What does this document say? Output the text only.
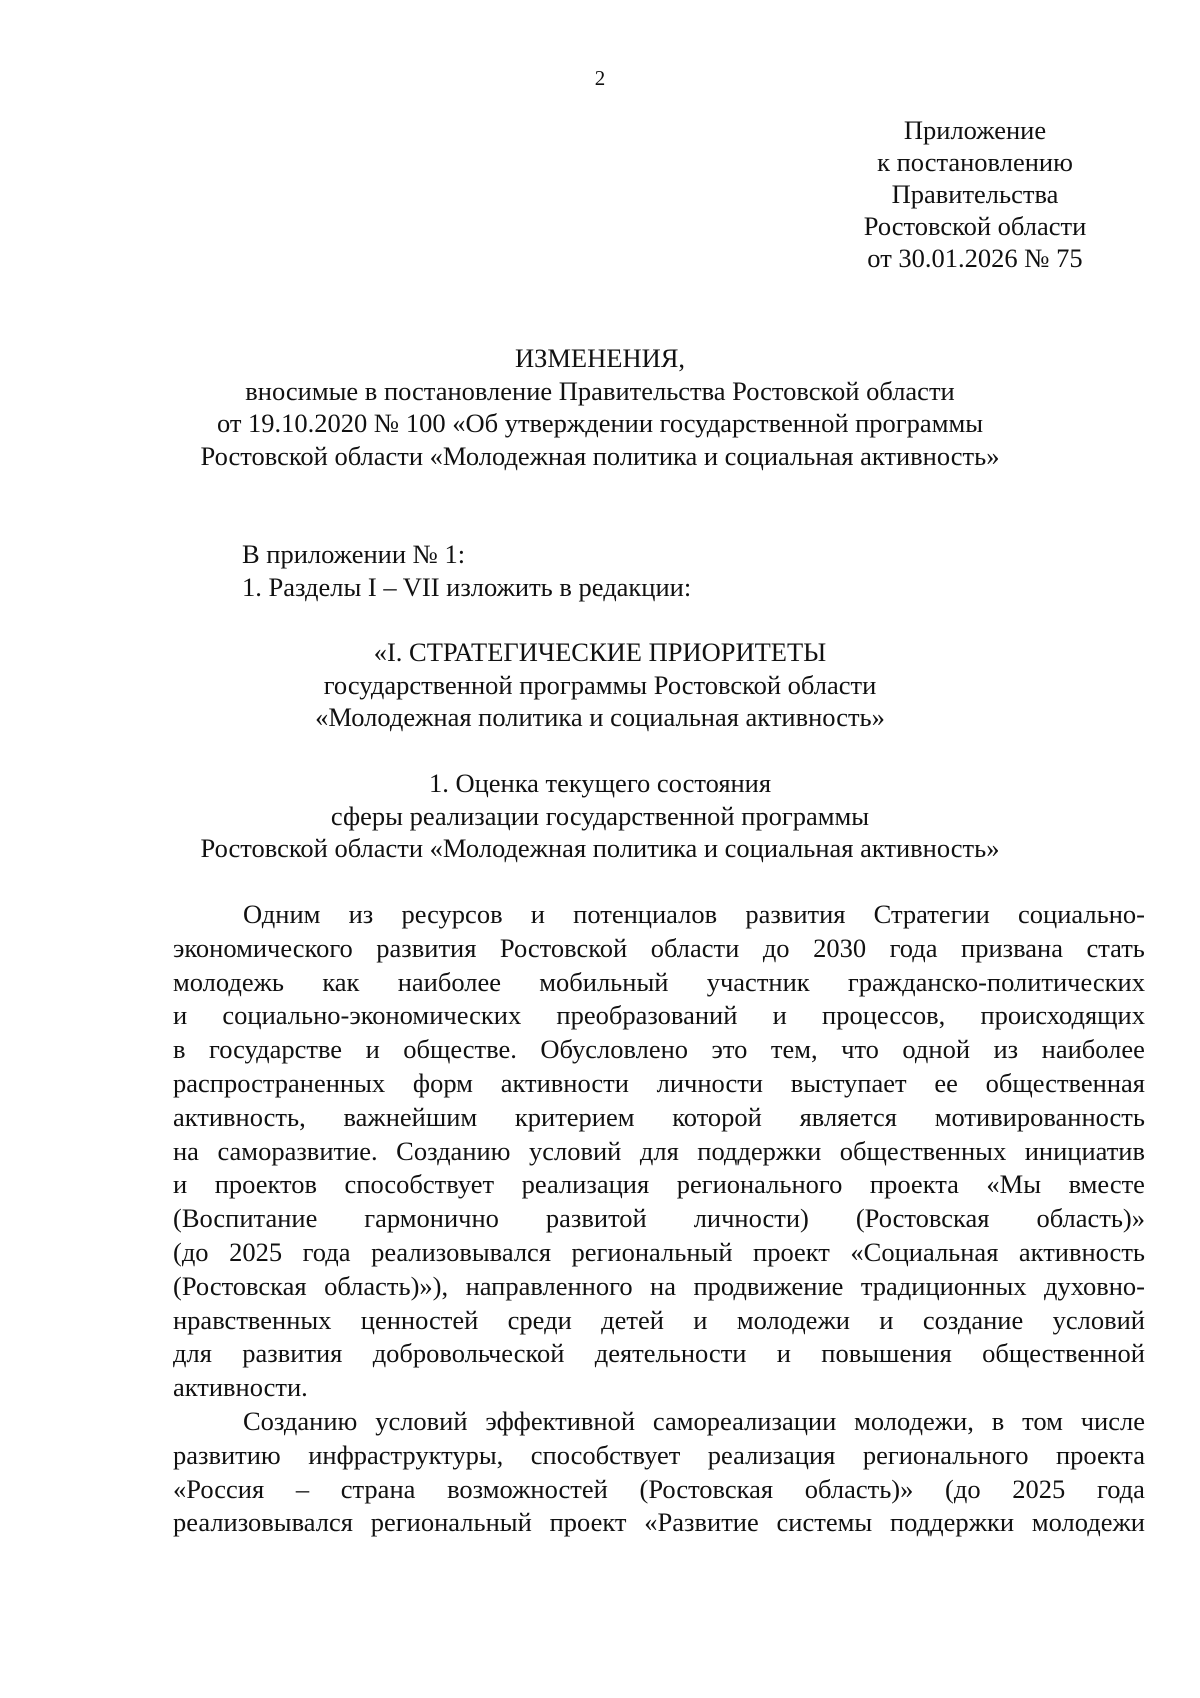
2
Приложение
к постановлению
Правительства
Ростовской области
от 30.01.2026 № 75
ИЗМЕНЕНИЯ,
вносимые в постановление Правительства Ростовской области
от 19.10.2020 № 100 «Об утверждении государственной программы
Ростовской области «Молодежная политика и социальная активность»
В приложении № 1:
1. Разделы I – VII изложить в редакции:
«I. СТРАТЕГИЧЕСКИЕ ПРИОРИТЕТЫ
государственной программы Ростовской области
«Молодежная политика и социальная активность»
1. Оценка текущего состояния
сферы реализации государственной программы
Ростовской области «Молодежная политика и социальная активность»
Одним из ресурсов и потенциалов развития Стратегии социально-
экономического развития Ростовской области до 2030 года призвана стать
молодежь как наиболее мобильный участник гражданско-политических
и социально-экономических преобразований и процессов, происходящих
в государстве и обществе. Обусловлено это тем, что одной из наиболее
распространенных форм активности личности выступает ее общественная
активность, важнейшим критерием которой является мотивированность
на саморазвитие. Созданию условий для поддержки общественных инициатив
и проектов способствует реализация регионального проекта «Мы вместе
(Воспитание гармонично развитой личности) (Ростовская область)»
(до 2025 года реализовывался региональный проект «Социальная активность
(Ростовская область)»), направленного на продвижение традиционных духовно-
нравственных ценностей среди детей и молодежи и создание условий
для развития добровольческой деятельности и повышения общественной
активности.
Созданию условий эффективной самореализации молодежи, в том числе
развитию инфраструктуры, способствует реализация регионального проекта
«Россия – страна возможностей (Ростовская область)» (до 2025 года
реализовывался региональный проект «Развитие системы поддержки молодежи
